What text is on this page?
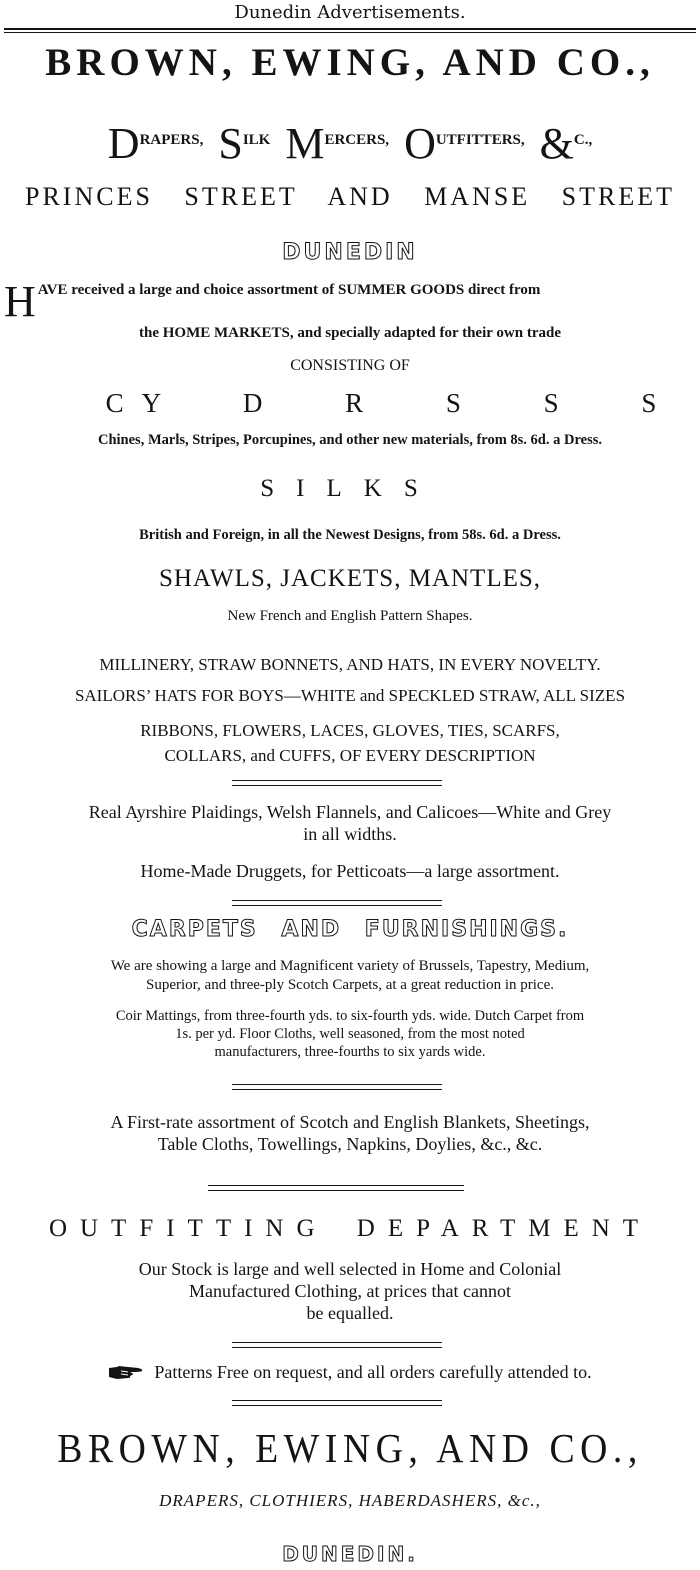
Dunedin Advertisements.
BROWN, EWING, AND CO.,
DRAPERS, SILK MERCERS, OUTFITTERS, &C.,
PRINCES STREET AND MANSE STREET
DUNEDIN
H AVE received a large and choice assortment of SUMMER GOODS direct from
the HOME MARKETS, and specially adapted for their own trade
CONSISTING OF
CY D R S S S
Chines, Marls, Stripes, Porcupines, and other new materials, from 8s. 6d. a Dress.
SILKS
British and Foreign, in all the Newest Designs, from 58s. 6d. a Dress.
SHAWLS, JACKETS, MANTLES,
New French and English Pattern Shapes.
MILLINERY, STRAW BONNETS, AND HATS, IN EVERY NOVELTY.
SAILORS’ HATS FOR BOYS—WHITE and SPECKLED STRAW, ALL SIZES
RIBBONS, FLOWERS, LACES, GLOVES, TIES, SCARFS,
COLLARS, and CUFFS, OF EVERY DESCRIPTION
Real Ayrshire Plaidings, Welsh Flannels, and Calicoes—White and Grey
in all widths.
Home-Made Druggets, for Petticoats—a large assortment.
CARPETS AND FURNISHINGS.
We are showing a large and Magnificent variety of Brussels, Tapestry, Medium,
Superior, and three-ply Scotch Carpets, at a great reduction in price.
Coir Mattings, from three-fourth yds. to six-fourth yds. wide. Dutch Carpet from
1s. per yd. Floor Cloths, well seasoned, from the most noted
manufacturers, three-fourths to six yards wide.
A First-rate assortment of Scotch and English Blankets, Sheetings,
Table Cloths, Towellings, Napkins, Doylies, &c., &c.
OUTFITTING DEPARTMENT
Our Stock is large and well selected in Home and Colonial
Manufactured Clothing, at prices that cannot
be equalled.
Patterns Free on request, and all orders carefully attended to.
BROWN, EWING, AND CO.,
DRAPERS, CLOTHIERS, HABERDASHERS, &c.,
DUNEDIN.
